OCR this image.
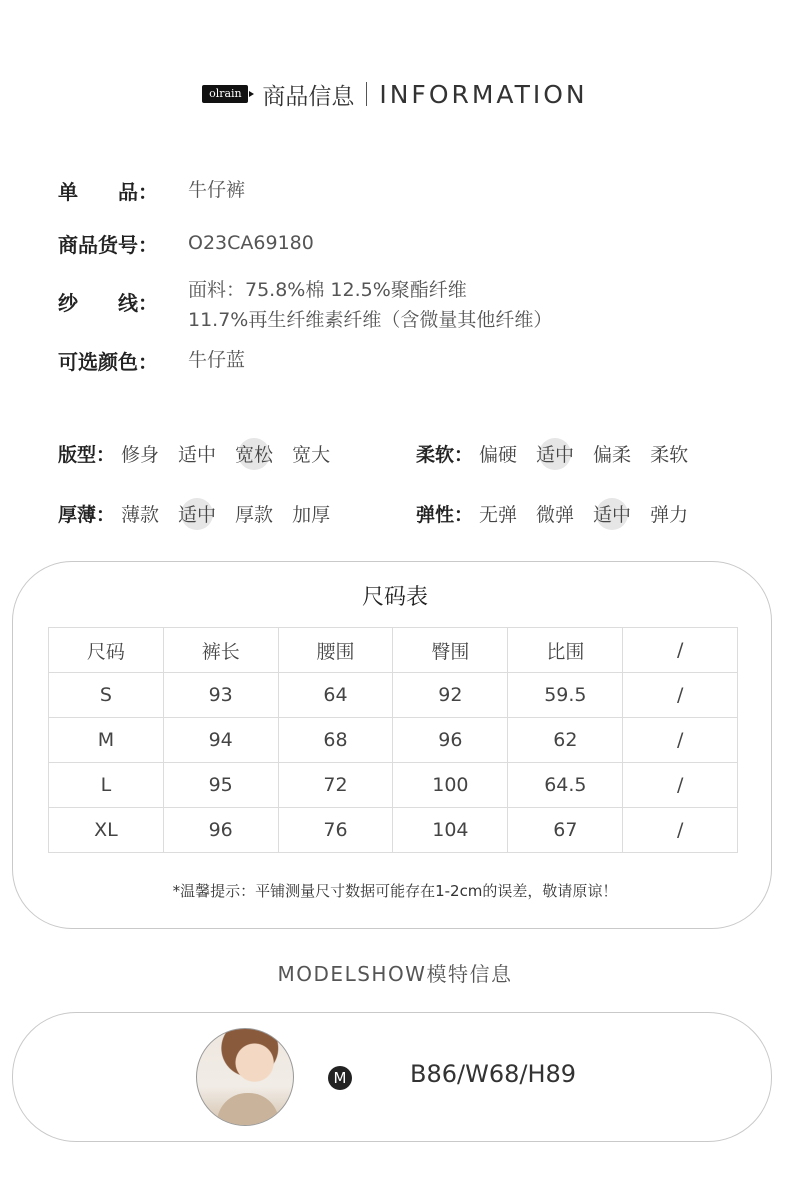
olrain 商品信息 INFORMATION
单　　品： 牛仔裤
商品货号： O23CA69180
纱　　线：
面料：75.8%棉 12.5%聚酯纤维
11.7%再生纤维素纤维（含微量其他纤维）
可选颜色： 牛仔蓝
版型： 修身 适中 宽松 宽大	柔软： 偏硬 适中 偏柔 柔软
厚薄： 薄款 适中 厚款 加厚	弹性： 无弹 微弹 适中 弹力
尺码表
尺码	裤长	腰围	臀围	比围	/
S	93	64	92	59.5	/
M	94	68	96	62	/
L	95	72	100	64.5	/
XL	96	76	104	67	/
*温馨提示：平铺测量尺寸数据可能存在1-2cm的误差，敬请原谅！
MODELSHOW模特信息
M	B86/W68/H89
